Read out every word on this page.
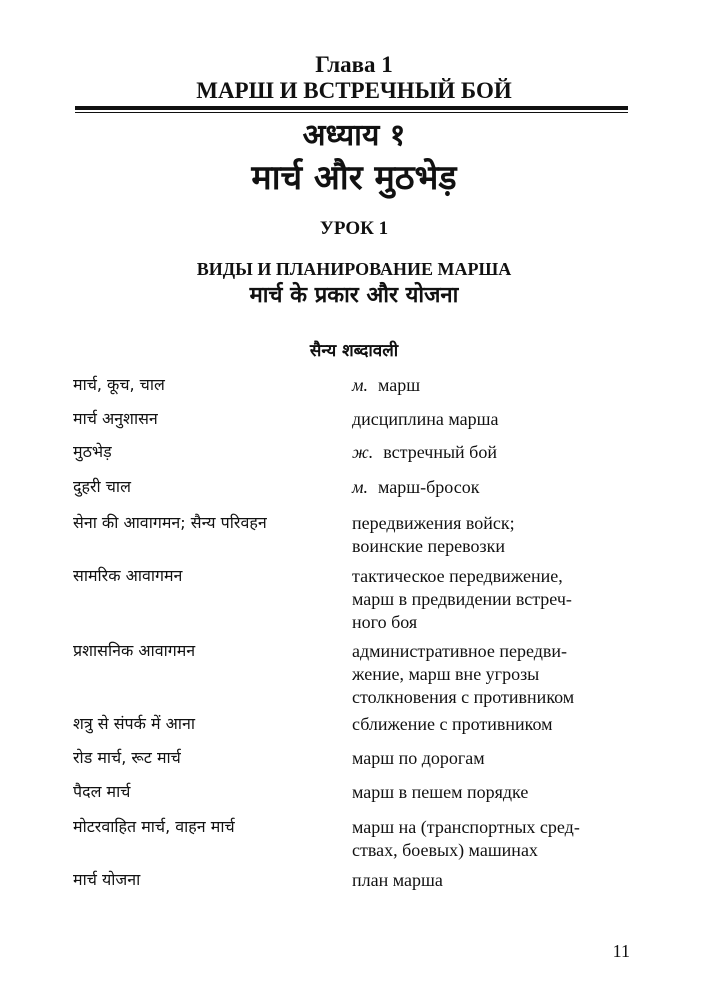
Глава 1
МАРШ И ВСТРЕЧНЫЙ БОЙ
अध्याय १
मार्च और मुठभेड़
УРОК 1
ВИДЫ И ПЛАНИРОВАНИЕ МАРША
मार्च के प्रकार और योजना
सैन्य शब्दावली
मार्च, कूच, चाल	м. марш
मार्च अनुशासन	дисциплина марша
मुठभेड़	ж. встречный бой
दुहरी चाल	м. марш-бросок
सेना की आवागमन; सैन्य परिवहन	передвижения войск;
воинские перевозки
सामरिक आवागमन	тактическое передвижение,
марш в предвидении встреч-
ного боя
प्रशासनिक आवागमन	административное передви-
жение, марш вне угрозы
столкновения с противником
शत्रु से संपर्क में आना	сближение с противником
रोड मार्च, रूट मार्च	марш по дорогам
पैदल मार्च	марш в пешем порядке
मोटरवाहित मार्च, वाहन मार्च	марш на (транспортных сред-
ствах, боевых) машинах
मार्च योजना	план марша
11
